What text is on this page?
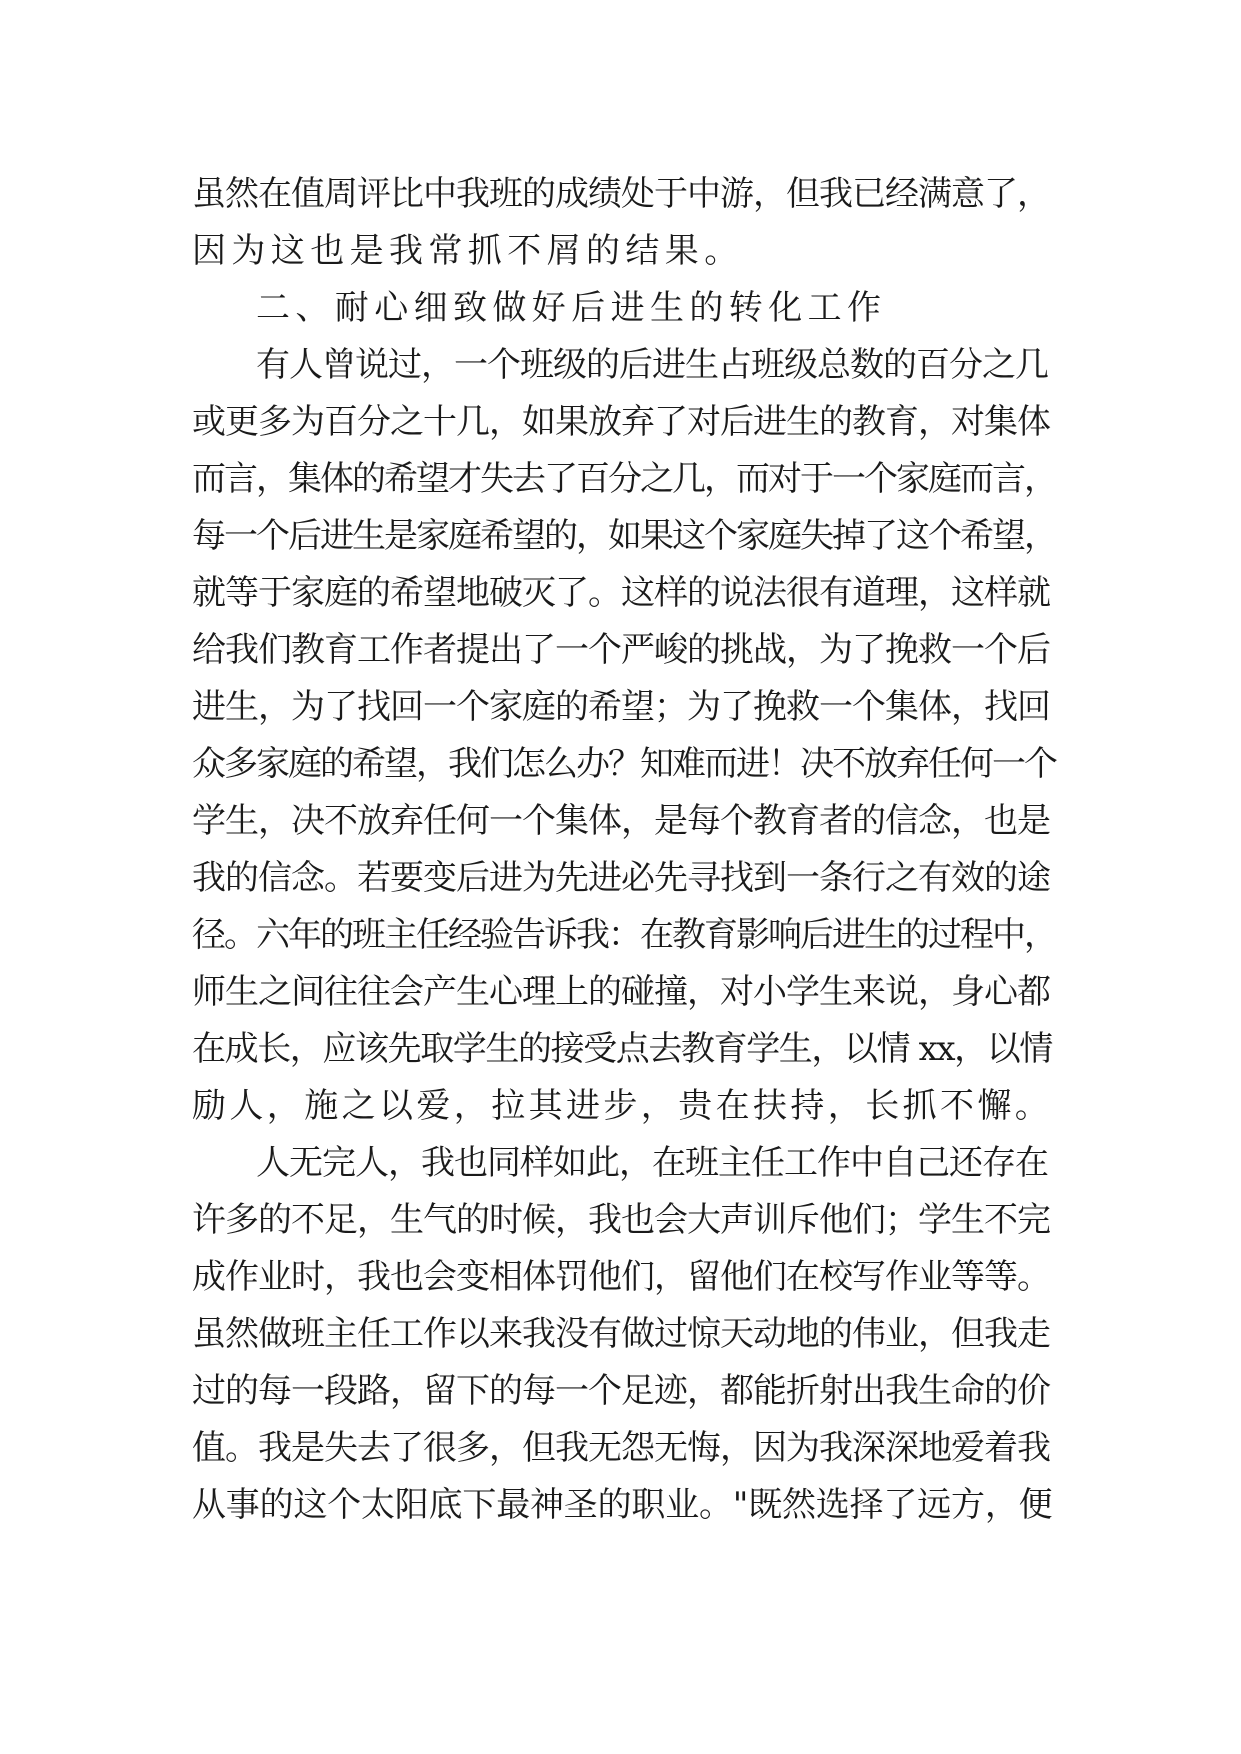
虽然在值周评比中我班的成绩处于中游，但我已经满意了，
因为这也是我常抓不屑的结果。
二、耐心细致做好后进生的转化工作
有人曾说过，一个班级的后进生占班级总数的百分之几
或更多为百分之十几，如果放弃了对后进生的教育，对集体
而言，集体的希望才失去了百分之几，而对于一个家庭而言，
每一个后进生是家庭希望的，如果这个家庭失掉了这个希望，
就等于家庭的希望地破灭了。这样的说法很有道理，这样就
给我们教育工作者提出了一个严峻的挑战，为了挽救一个后
进生，为了找回一个家庭的希望；为了挽救一个集体，找回
众多家庭的希望，我们怎么办？知难而进！决不放弃任何一个
学生，决不放弃任何一个集体，是每个教育者的信念，也是
我的信念。若要变后进为先进必先寻找到一条行之有效的途
径。六年的班主任经验告诉我：在教育影响后进生的过程中，
师生之间往往会产生心理上的碰撞，对小学生来说，身心都
在成长，应该先取学生的接受点去教育学生，以情 xx，以情
励人，施之以爱，拉其进步，贵在扶持，长抓不懈。
人无完人，我也同样如此，在班主任工作中自己还存在
许多的不足，生气的时候，我也会大声训斥他们；学生不完
成作业时，我也会变相体罚他们，留他们在校写作业等等。
虽然做班主任工作以来我没有做过惊天动地的伟业，但我走
过的每一段路，留下的每一个足迹，都能折射出我生命的价
值。我是失去了很多，但我无怨无悔，因为我深深地爱着我
从事的这个太阳底下最神圣的职业。"既然选择了远方，便
